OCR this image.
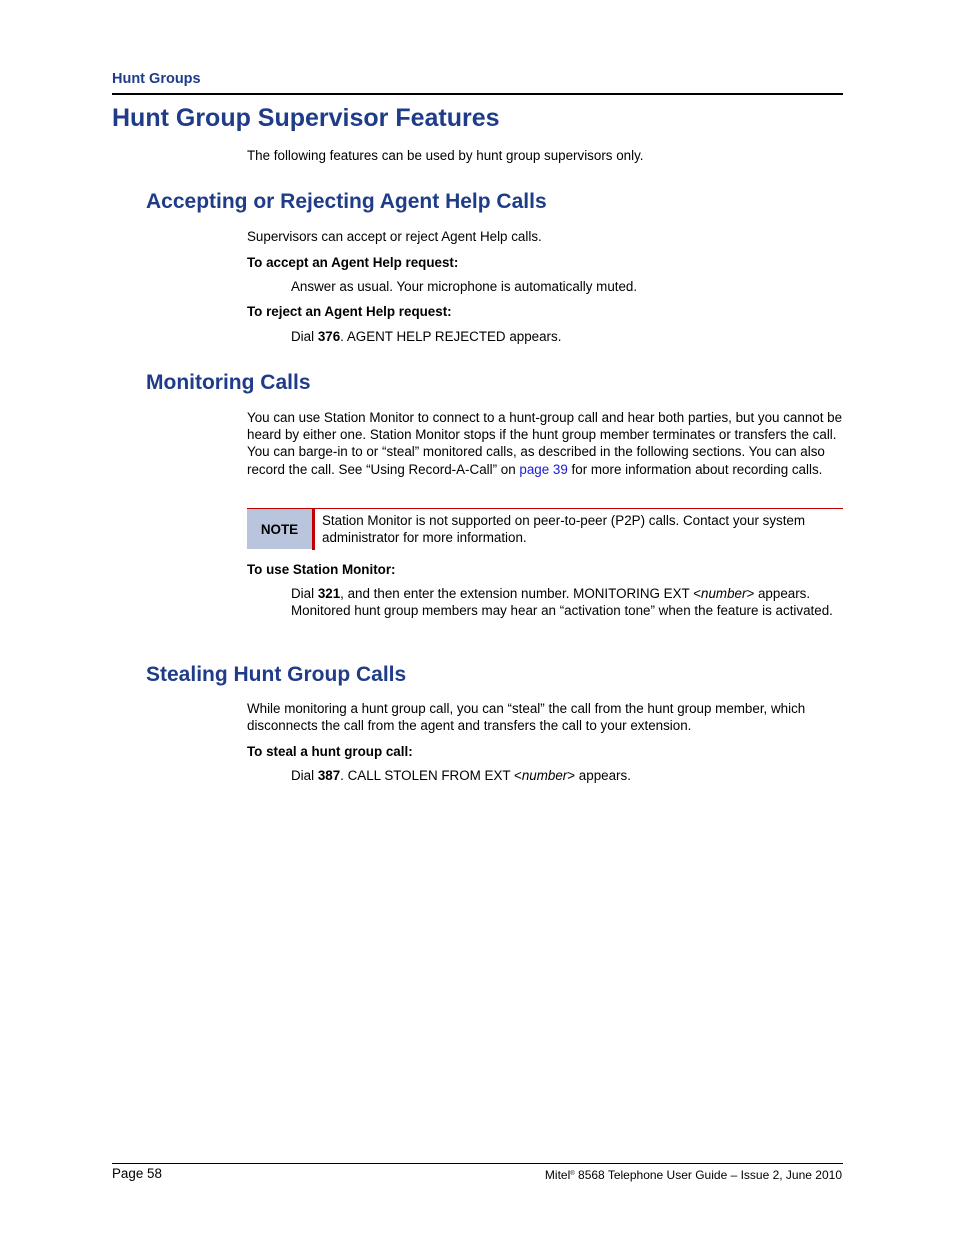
Hunt Groups
Hunt Group Supervisor Features
The following features can be used by hunt group supervisors only.
Accepting or Rejecting Agent Help Calls
Supervisors can accept or reject Agent Help calls.
To accept an Agent Help request:
Answer as usual. Your microphone is automatically muted.
To reject an Agent Help request:
Dial 376. AGENT HELP REJECTED appears.
Monitoring Calls
You can use Station Monitor to connect to a hunt-group call and hear both parties, but you cannot be heard by either one. Station Monitor stops if the hunt group member terminates or transfers the call. You can barge-in to or “steal” monitored calls, as described in the following sections. You can also record the call. See “Using Record-A-Call” on page 39 for more information about recording calls.
NOTE
Station Monitor is not supported on peer-to-peer (P2P) calls. Contact your system administrator for more information.
To use Station Monitor:
Dial 321, and then enter the extension number. MONITORING EXT <number> appears. Monitored hunt group members may hear an “activation tone” when the feature is activated.
Stealing Hunt Group Calls
While monitoring a hunt group call, you can “steal” the call from the hunt group member, which disconnects the call from the agent and transfers the call to your extension.
To steal a hunt group call:
Dial 387. CALL STOLEN FROM EXT <number> appears.
Page 58	Mitel® 8568 Telephone User Guide – Issue 2, June 2010
